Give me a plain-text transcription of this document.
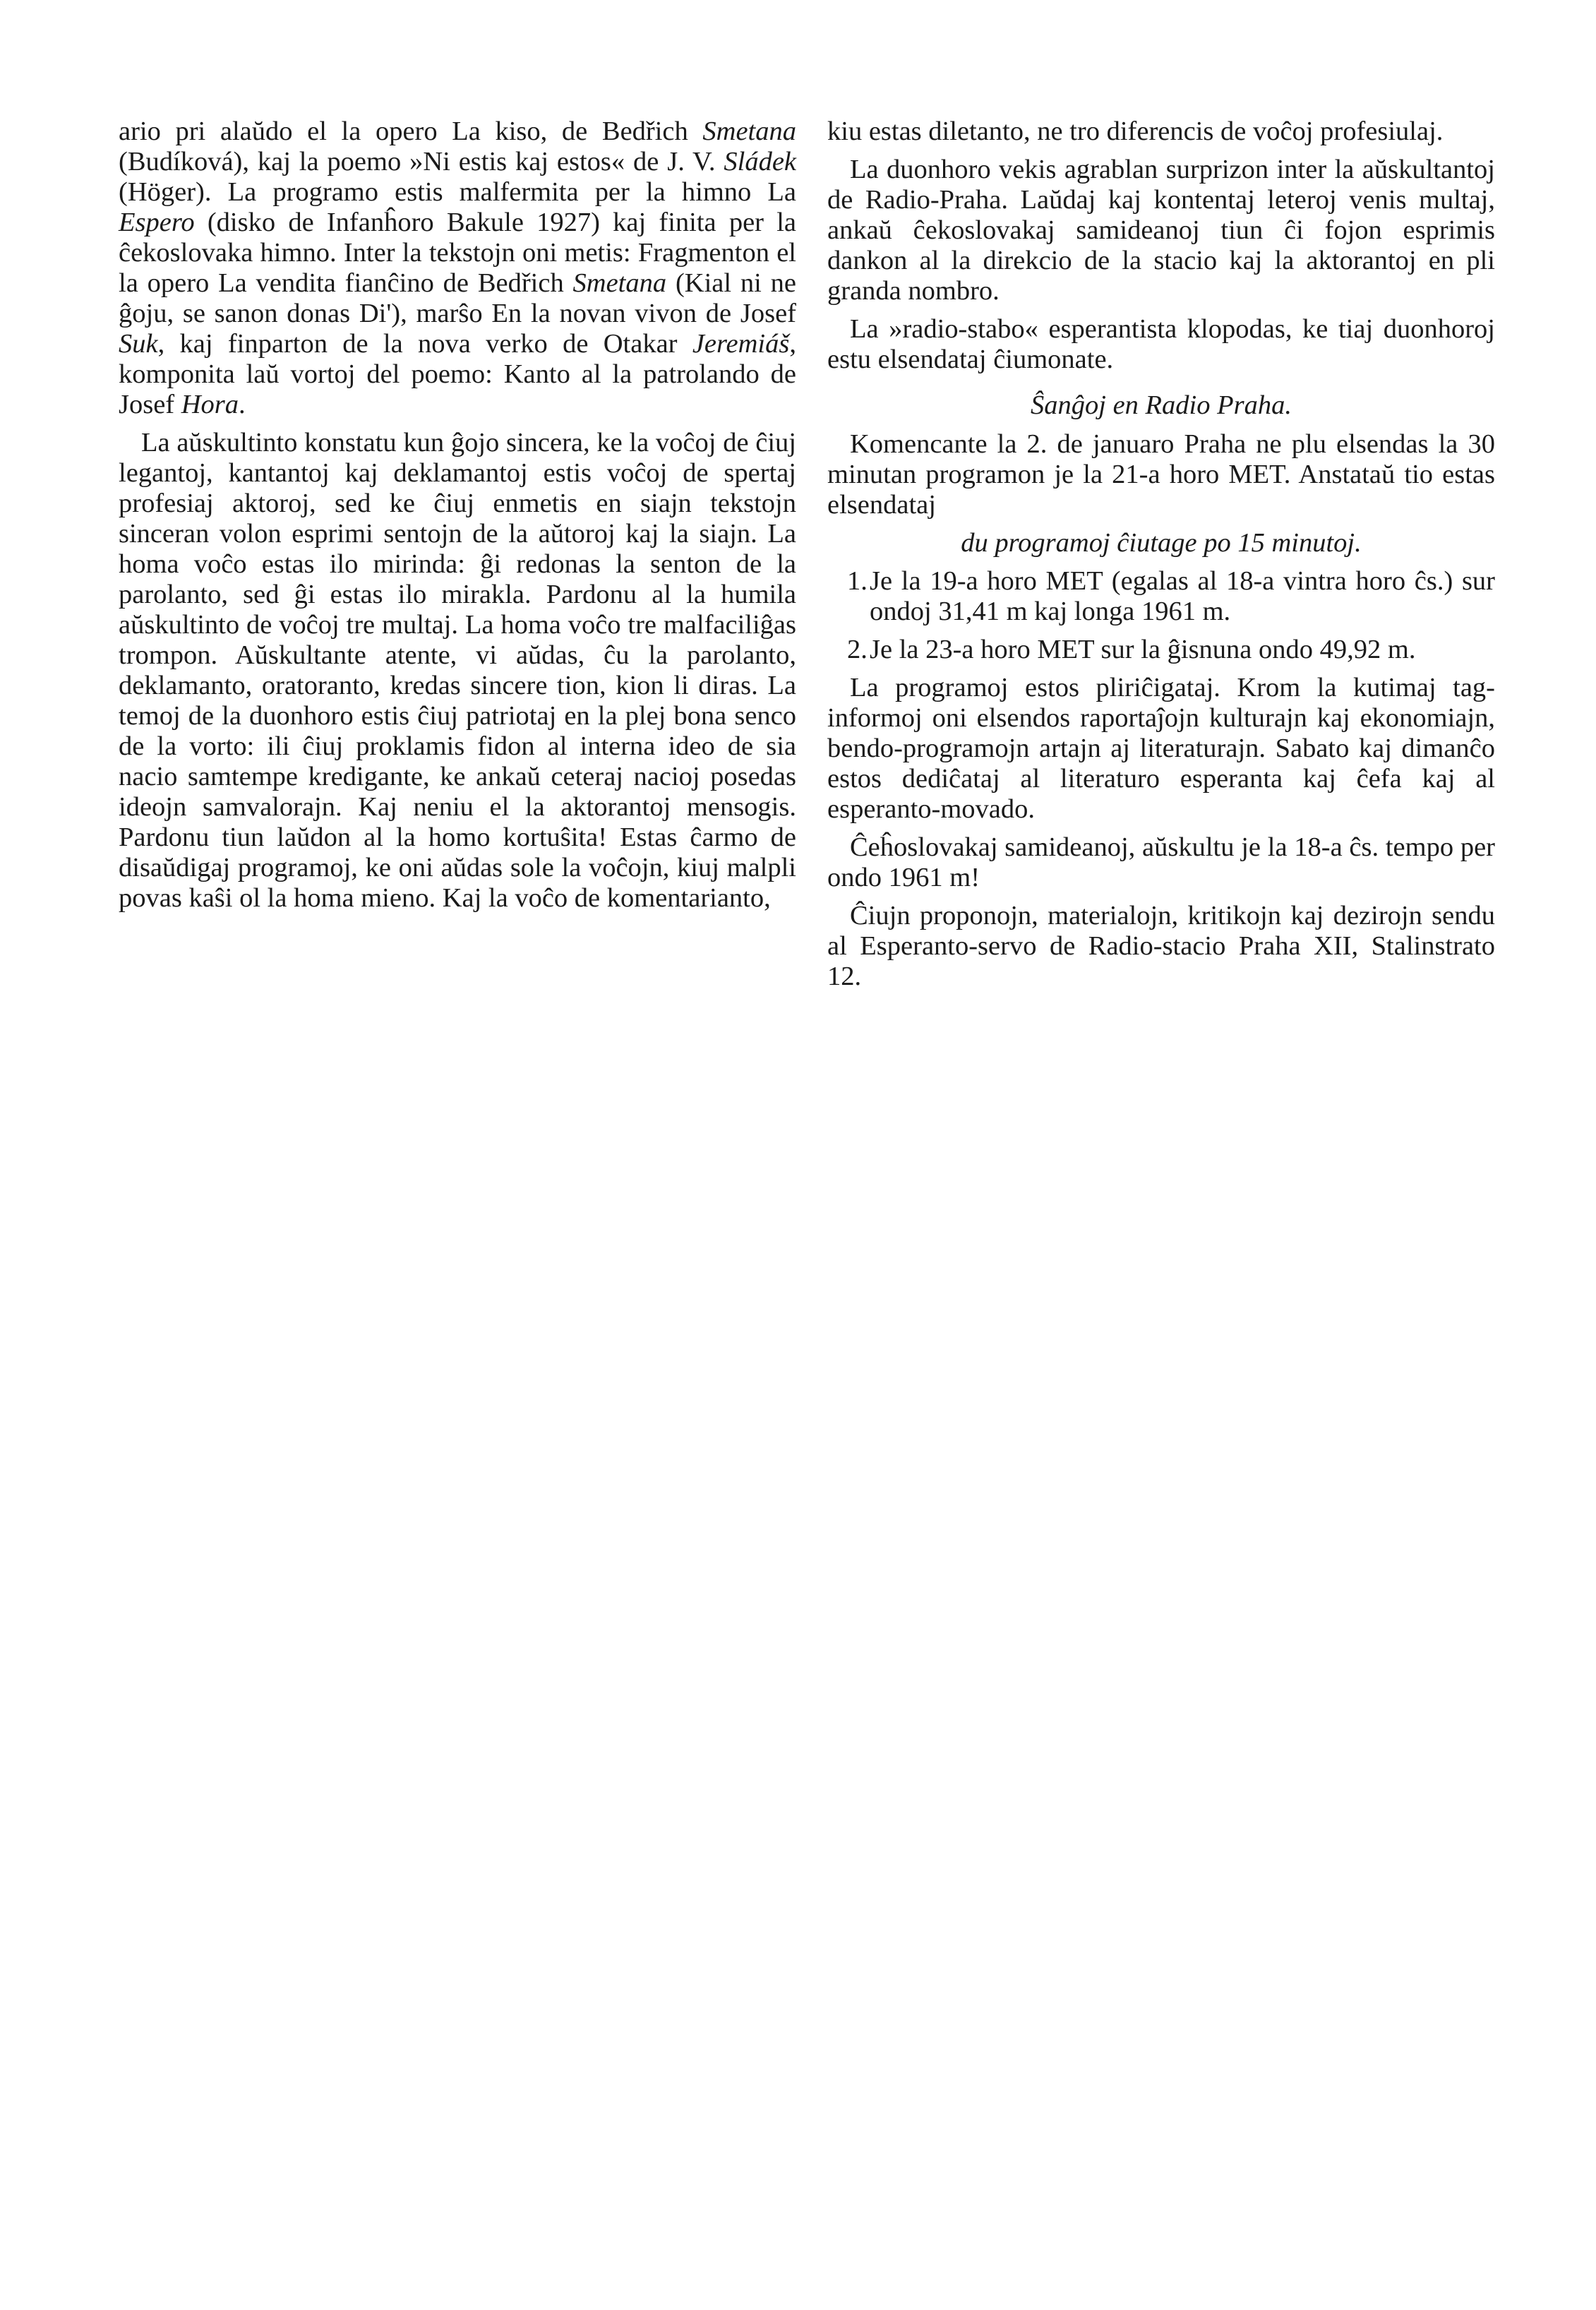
ario pri alaŭdo el la opero La kiso, de Bedřich Smetana (Budíková), kaj la poemo »Ni estis kaj estos« de J. V. Sládek (Höger). La programo estis malfermita per la himno La Espero (disko de Infanĥoro Bakule 1927) kaj finita per la ĉekoslovaka himno. Inter la tekstojn oni metis: Fragmenton el la opero La vendita fianĉino de Bedřich Smetana (Kial ni ne ĝoju, se sanon donas Di'), marŝo En la novan vivon de Josef Suk, kaj finparton de la nova verko de Otakar Jeremiáš, komponita laŭ vortoj del poemo: Kanto al la patrolando de Josef Hora.

La aŭskultinto konstatu kun ĝojo sincera, ke la voĉoj de ĉiuj legantoj, kantantoj kaj deklamantoj estis voĉoj de spertaj profesiaj aktoroj, sed ke ĉiuj enmetis en siajn tekstojn sinceran volon esprimi sentojn de la aŭtoroj kaj la siajn. La homa voĉo estas ilo mirinda: ĝi redonas la senton de la parolanto, sed ĝi estas ilo mirakla. Pardonu al la humila aŭskultinto de voĉoj tre multaj. La homa voĉo tre malfaciliĝas trompon. Aŭskultante atente, vi aŭdas, ĉu la parolanto, deklamanto, oratoranto, kredas sincere tion, kion li diras. La temoj de la duonhoro estis ĉiuj patriotaj en la plej bona senco de la vorto: ili ĉiuj proklamis fidon al interna ideo de sia nacio samtempe kredigante, ke ankaŭ ceteraj nacioj posedas ideojn samvalorajn. Kaj neniu el la aktorantoj mensogis. Pardonu tiun laŭdon al la homo kortuŝita! Estas ĉarmo de disaŭdigaj programoj, ke oni aŭdas sole la voĉojn, kiuj malpli povas kaŝi ol la homa mieno. Kaj la voĉo de komentarianto,

kiu estas diletanto, ne tro diferencis de voĉoj profesiulaj.

La duonhoro vekis agrablan surprizon inter la aŭskultantoj de Radio-Praha. Laŭdaj kaj kontentaj leteroj venis multaj, ankaŭ ĉekoslovakaj samideanoj tiun ĉi fojon esprimis dankon al la direkcio de la stacio kaj la aktorantoj en pli granda nombro.

La »radio-stabo« esperantista klopodas, ke tiaj duonhoroj estu elsendataj ĉiumonate.

Ŝanĝoj en Radio Praha.

Komencante la 2. de januaro Praha ne plu elsendas la 30 minutan programon je la 21-a horo MET. Anstataŭ tio estas elsendataj

du programoj ĉiutage po 15 minutoj.

1.Je la 19-a horo MET (egalas al 18-a vintra horo ĉs.) sur ondoj 31,41 m kaj longa 1961 m.

2.Je la 23-a horo MET sur la ĝisnuna ondo 49,92 m.

La programoj estos pliriĉigataj. Krom la kutimaj tag-informoj oni elsendos raportaĵojn kulturajn kaj ekonomiajn, bendo-programojn artajn aj literaturajn. Sabato kaj dimanĉo estos dediĉataj al literaturo esperanta kaj ĉefa kaj al esperanto-movado.

Ĉeĥoslovakaj samideanoj, aŭskultu je la 18-a ĉs. tempo per ondo 1961 m!

Ĉiujn proponojn, materialojn, kritikojn kaj dezirojn sendu al Esperanto-servo de Radio-stacio Praha XII, Stalinstrato 12.
